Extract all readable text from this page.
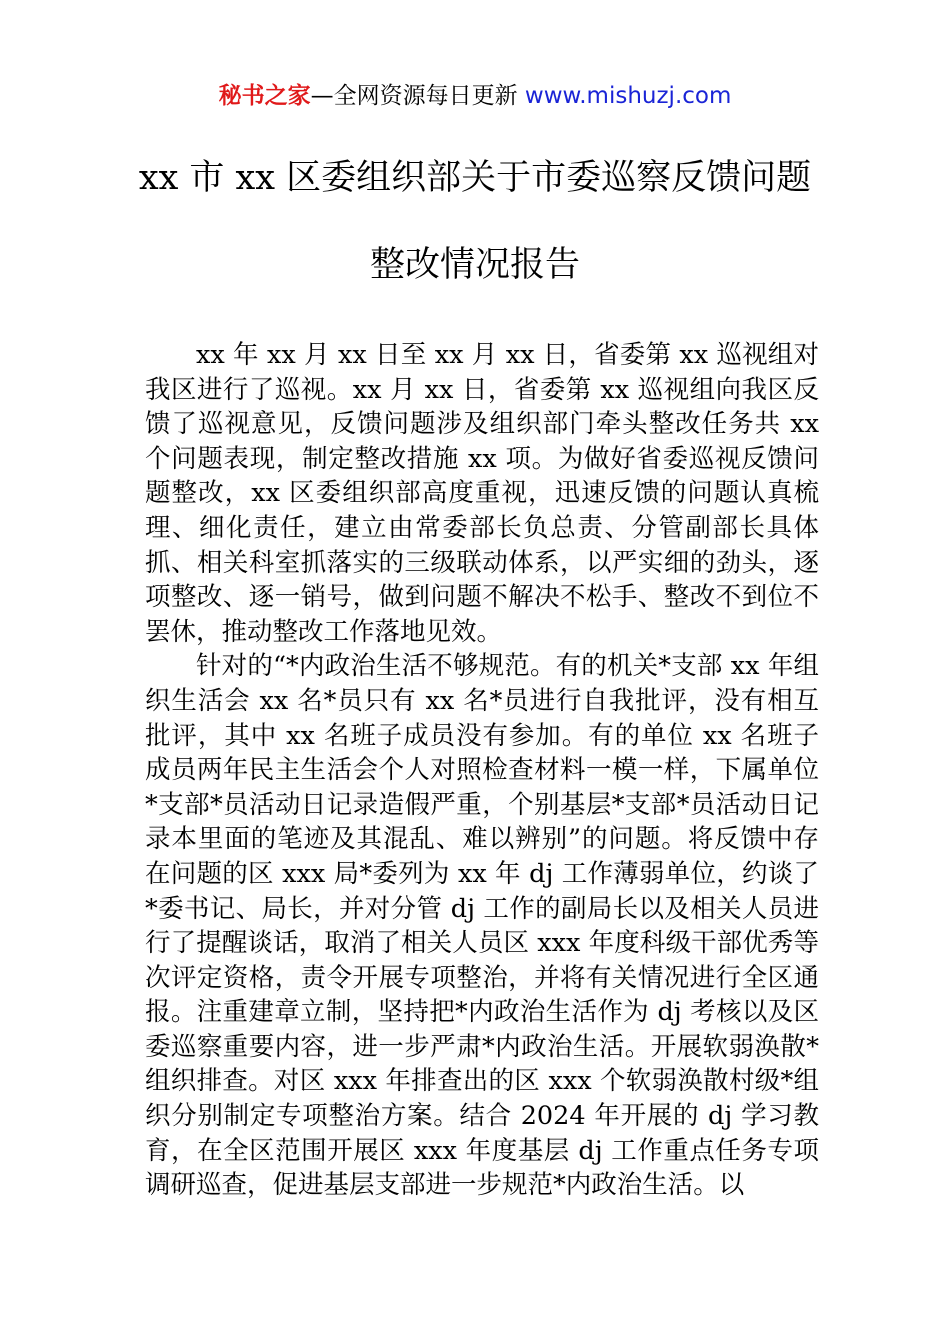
秘书之家—全网资源每日更新 www.mishuzj.com
xx 市 xx 区委组织部关于市委巡察反馈问题
整改情况报告

xx 年 xx 月 xx 日至 xx 月 xx 日，省委第 xx 巡视组对我区进行了巡视。xx 月 xx 日，省委第 xx 巡视组向我区反馈了巡视意见，反馈问题涉及组织部门牵头整改任务共 xx 个问题表现，制定整改措施 xx 项。为做好省委巡视反馈问题整改，xx 区委组织部高度重视，迅速反馈的问题认真梳理、细化责任，建立由常委部长负总责、分管副部长具体抓、相关科室抓落实的三级联动体系，以严实细的劲头，逐项整改、逐一销号，做到问题不解决不松手、整改不到位不罢休，推动整改工作落地见效。

针对的“*内政治生活不够规范。有的机关*支部 xx 年组织生活会 xx 名*员只有 xx 名*员进行自我批评，没有相互批评，其中 xx 名班子成员没有参加。有的单位 xx 名班子成员两年民主生活会个人对照检查材料一模一样，下属单位*支部*员活动日记录造假严重，个别基层*支部*员活动日记录本里面的笔迹及其混乱、难以辨别”的问题。将反馈中存在问题的区 xxx 局*委列为 xx 年 dj 工作薄弱单位，约谈了*委书记、局长，并对分管 dj 工作的副局长以及相关人员进行了提醒谈话，取消了相关人员区 xxx 年度科级干部优秀等次评定资格，责令开展专项整治，并将有关情况进行全区通报。注重建章立制，坚持把*内政治生活作为 dj 考核以及区委巡察重要内容，进一步严肃*内政治生活。开展软弱涣散*组织排查。对区 xxx 年排查出的区 xxx 个软弱涣散村级*组织分别制定专项整治方案。结合 2024 年开展的 dj 学习教育，在全区范围开展区 xxx 年度基层 dj 工作重点任务专项调研巡查，促进基层支部进一步规范*内政治生活。以
